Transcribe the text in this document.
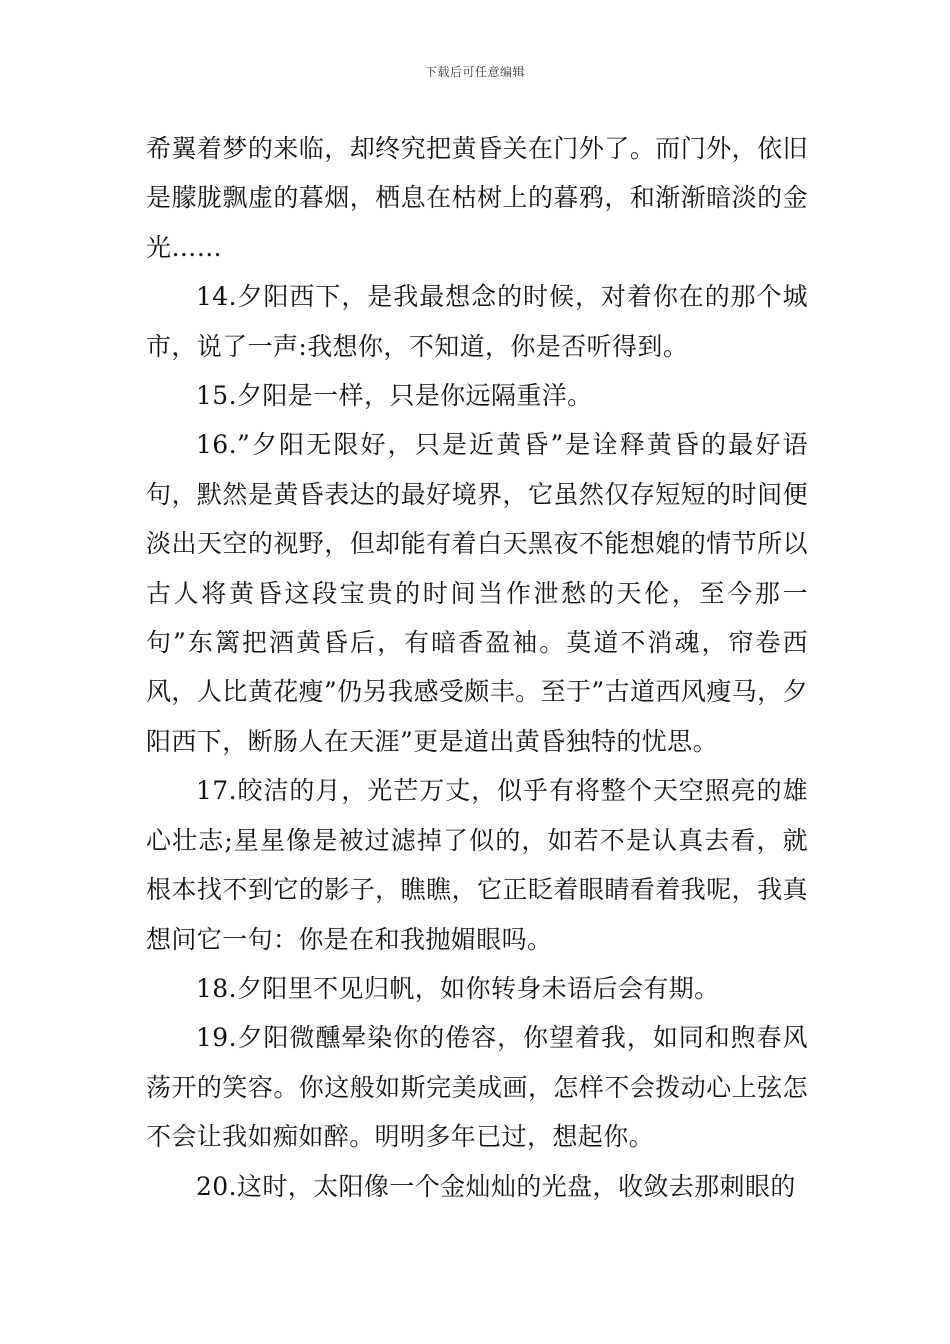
下载后可任意编辑

希翼着梦的来临，却终究把黄昏关在门外了。而门外，依旧是朦胧飘虚的暮烟，栖息在枯树上的暮鸦，和渐渐暗淡的金光……

14.夕阳西下，是我最想念的时候，对着你在的那个城市，说了一声:我想你，不知道，你是否听得到。

15.夕阳是一样，只是你远隔重洋。

16.”夕阳无限好，只是近黄昏”是诠释黄昏的最好语句，默然是黄昏表达的最好境界，它虽然仅存短短的时间便淡出天空的视野，但却能有着白天黑夜不能想媲的情节所以古人将黄昏这段宝贵的时间当作泄愁的天伦，至今那一句”东篱把酒黄昏后，有暗香盈袖。莫道不消魂，帘卷西风，人比黄花瘦”仍另我感受颇丰。至于”古道西风瘦马，夕阳西下，断肠人在天涯”更是道出黄昏独特的忧思。

17.皎洁的月，光芒万丈，似乎有将整个天空照亮的雄心壮志;星星像是被过滤掉了似的，如若不是认真去看，就根本找不到它的影子，瞧瞧，它正眨着眼睛看着我呢，我真想问它一句：你是在和我抛媚眼吗。

18.夕阳里不见归帆，如你转身未语后会有期。

19.夕阳微醺晕染你的倦容，你望着我，如同和煦春风荡开的笑容。你这般如斯完美成画，怎样不会拨动心上弦怎不会让我如痴如醉。明明多年已过，想起你。

20.这时，太阳像一个金灿灿的光盘，收敛去那刺眼的
